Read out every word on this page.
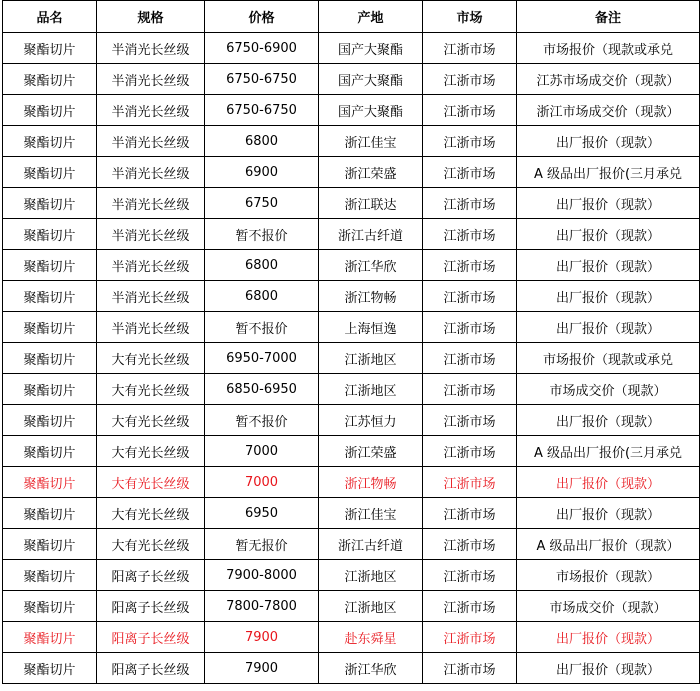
品名	规格	价格	产地	市场	备注
聚酯切片	半消光长丝级	6750-6900	国产大聚酯	江浙市场	市场报价（现款或承兑
聚酯切片	半消光长丝级	6750-6750	国产大聚酯	江浙市场	江苏市场成交价（现款）
聚酯切片	半消光长丝级	6750-6750	国产大聚酯	江浙市场	浙江市场成交价（现款）
聚酯切片	半消光长丝级	6800	浙江佳宝	江浙市场	出厂报价（现款）
聚酯切片	半消光长丝级	6900	浙江荣盛	江浙市场	A 级品出厂报价(三月承兑
聚酯切片	半消光长丝级	6750	浙江联达	江浙市场	出厂报价（现款）
聚酯切片	半消光长丝级	暂不报价	浙江古纤道	江浙市场	出厂报价（现款）
聚酯切片	半消光长丝级	6800	浙江华欣	江浙市场	出厂报价（现款）
聚酯切片	半消光长丝级	6800	浙江物畅	江浙市场	出厂报价（现款）
聚酯切片	半消光长丝级	暂不报价	上海恒逸	江浙市场	出厂报价（现款）
聚酯切片	大有光长丝级	6950-7000	江浙地区	江浙市场	市场报价（现款或承兑
聚酯切片	大有光长丝级	6850-6950	江浙地区	江浙市场	市场成交价（现款）
聚酯切片	大有光长丝级	暂不报价	江苏恒力	江浙市场	出厂报价（现款）
聚酯切片	大有光长丝级	7000	浙江荣盛	江浙市场	A 级品出厂报价(三月承兑
聚酯切片	大有光长丝级	7000	浙江物畅	江浙市场	出厂报价（现款）
聚酯切片	大有光长丝级	6950	浙江佳宝	江浙市场	出厂报价（现款）
聚酯切片	大有光长丝级	暂无报价	浙江古纤道	江浙市场	A 级品出厂报价（现款）
聚酯切片	阳离子长丝级	7900-8000	江浙地区	江浙市场	市场报价（现款）
聚酯切片	阳离子长丝级	7800-7800	江浙地区	江浙市场	市场成交价（现款）
聚酯切片	阳离子长丝级	7900	赴东舜星	江浙市场	出厂报价（现款）
聚酯切片	阳离子长丝级	7900	浙江华欣	江浙市场	出厂报价（现款）
